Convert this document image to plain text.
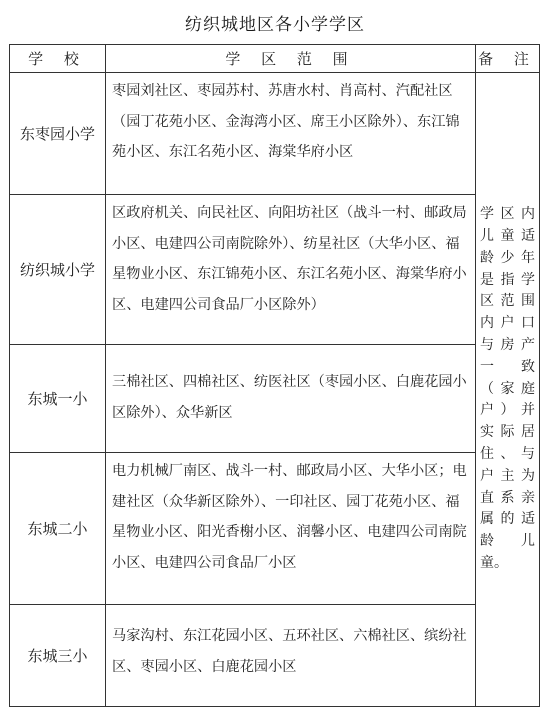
纺织城地区各小学学区
学 校	学 区 范 围	备 注
东枣园小学	枣园刘社区、枣园苏村、苏唐水村、肖高村、汽配社区（园丁花苑小区、金海湾小区、席王小区除外）、东江锦苑小区、东江名苑小区、海棠华府小区	学区内儿童适龄少年是指学区范围内户口与房产一致（家庭户）并实际居住、与户主为直系亲属的适龄儿童。
纺织城小学	区政府机关、向民社区、向阳坊社区（战斗一村、邮政局小区、电建四公司南院除外）、纺星社区（大华小区、福星物业小区、东江锦苑小区、东江名苑小区、海棠华府小区、电建四公司食品厂小区除外）	
东城一小	三棉社区、四棉社区、纺医社区（枣园小区、白鹿花园小区除外）、众华新区	
东城二小	电力机械厂南区、战斗一村、邮政局小区、大华小区；电建社区（众华新区除外）、一印社区、园丁花苑小区、福星物业小区、阳光香榭小区、润馨小区、电建四公司南院小区、电建四公司食品厂小区	
东城三小	马家沟村、东江花园小区、五环社区、六棉社区、缤纷社区、枣园小区、白鹿花园小区	
